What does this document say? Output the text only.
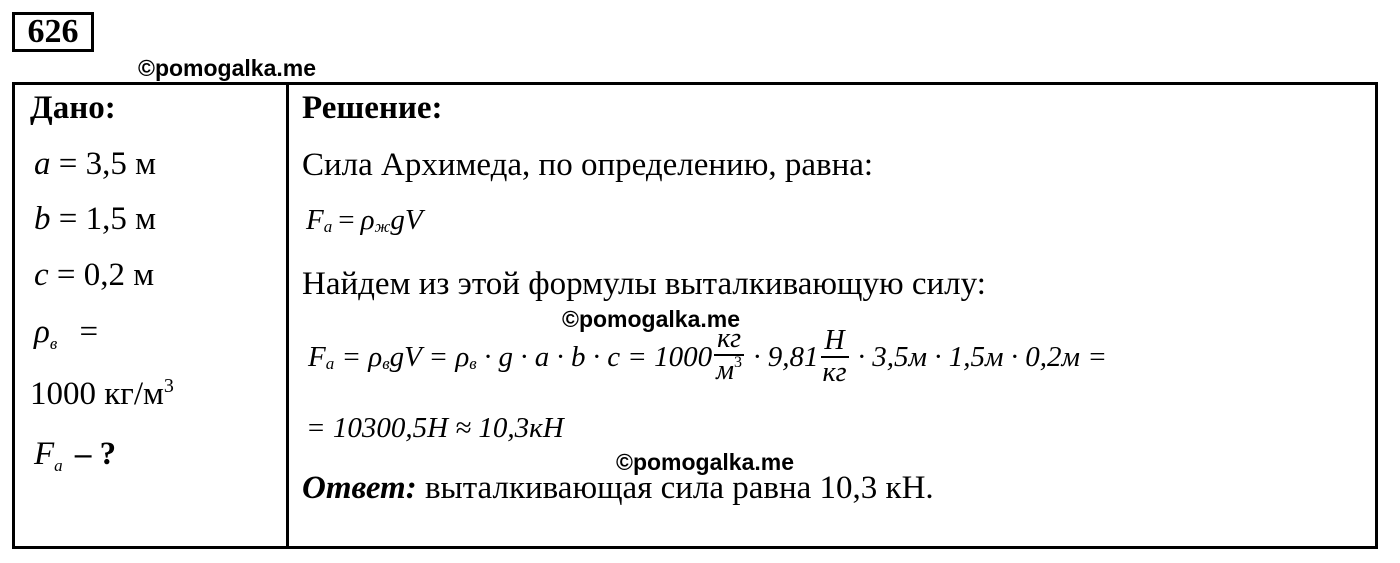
626
©pomogalka.me
Дано:
a = 3,5 м
b = 1,5 м
c = 0,2 м
$\rho_в$ =
1000 $кг/м^3$
$F_a$ – ?
Решение:
Сила Архимеда, по определению, равна:
F a = ρ ж gV
Найдем из этой формулы выталкивающую силу:
©pomogalka.me
F a = ρ в gV = ρ $в \cdot g \cdot a \cdot b \cdot c = 1000 \frac{кг}{м^3} \cdot 9,81 \frac{Н}{кг} \cdot 3,5м \cdot 1,5м \cdot 0,2м$ =
= 10300,5Н ≈ 10,3кН
©pomogalka.me
Ответ: выталкивающая сила равна 10,3 кН.
